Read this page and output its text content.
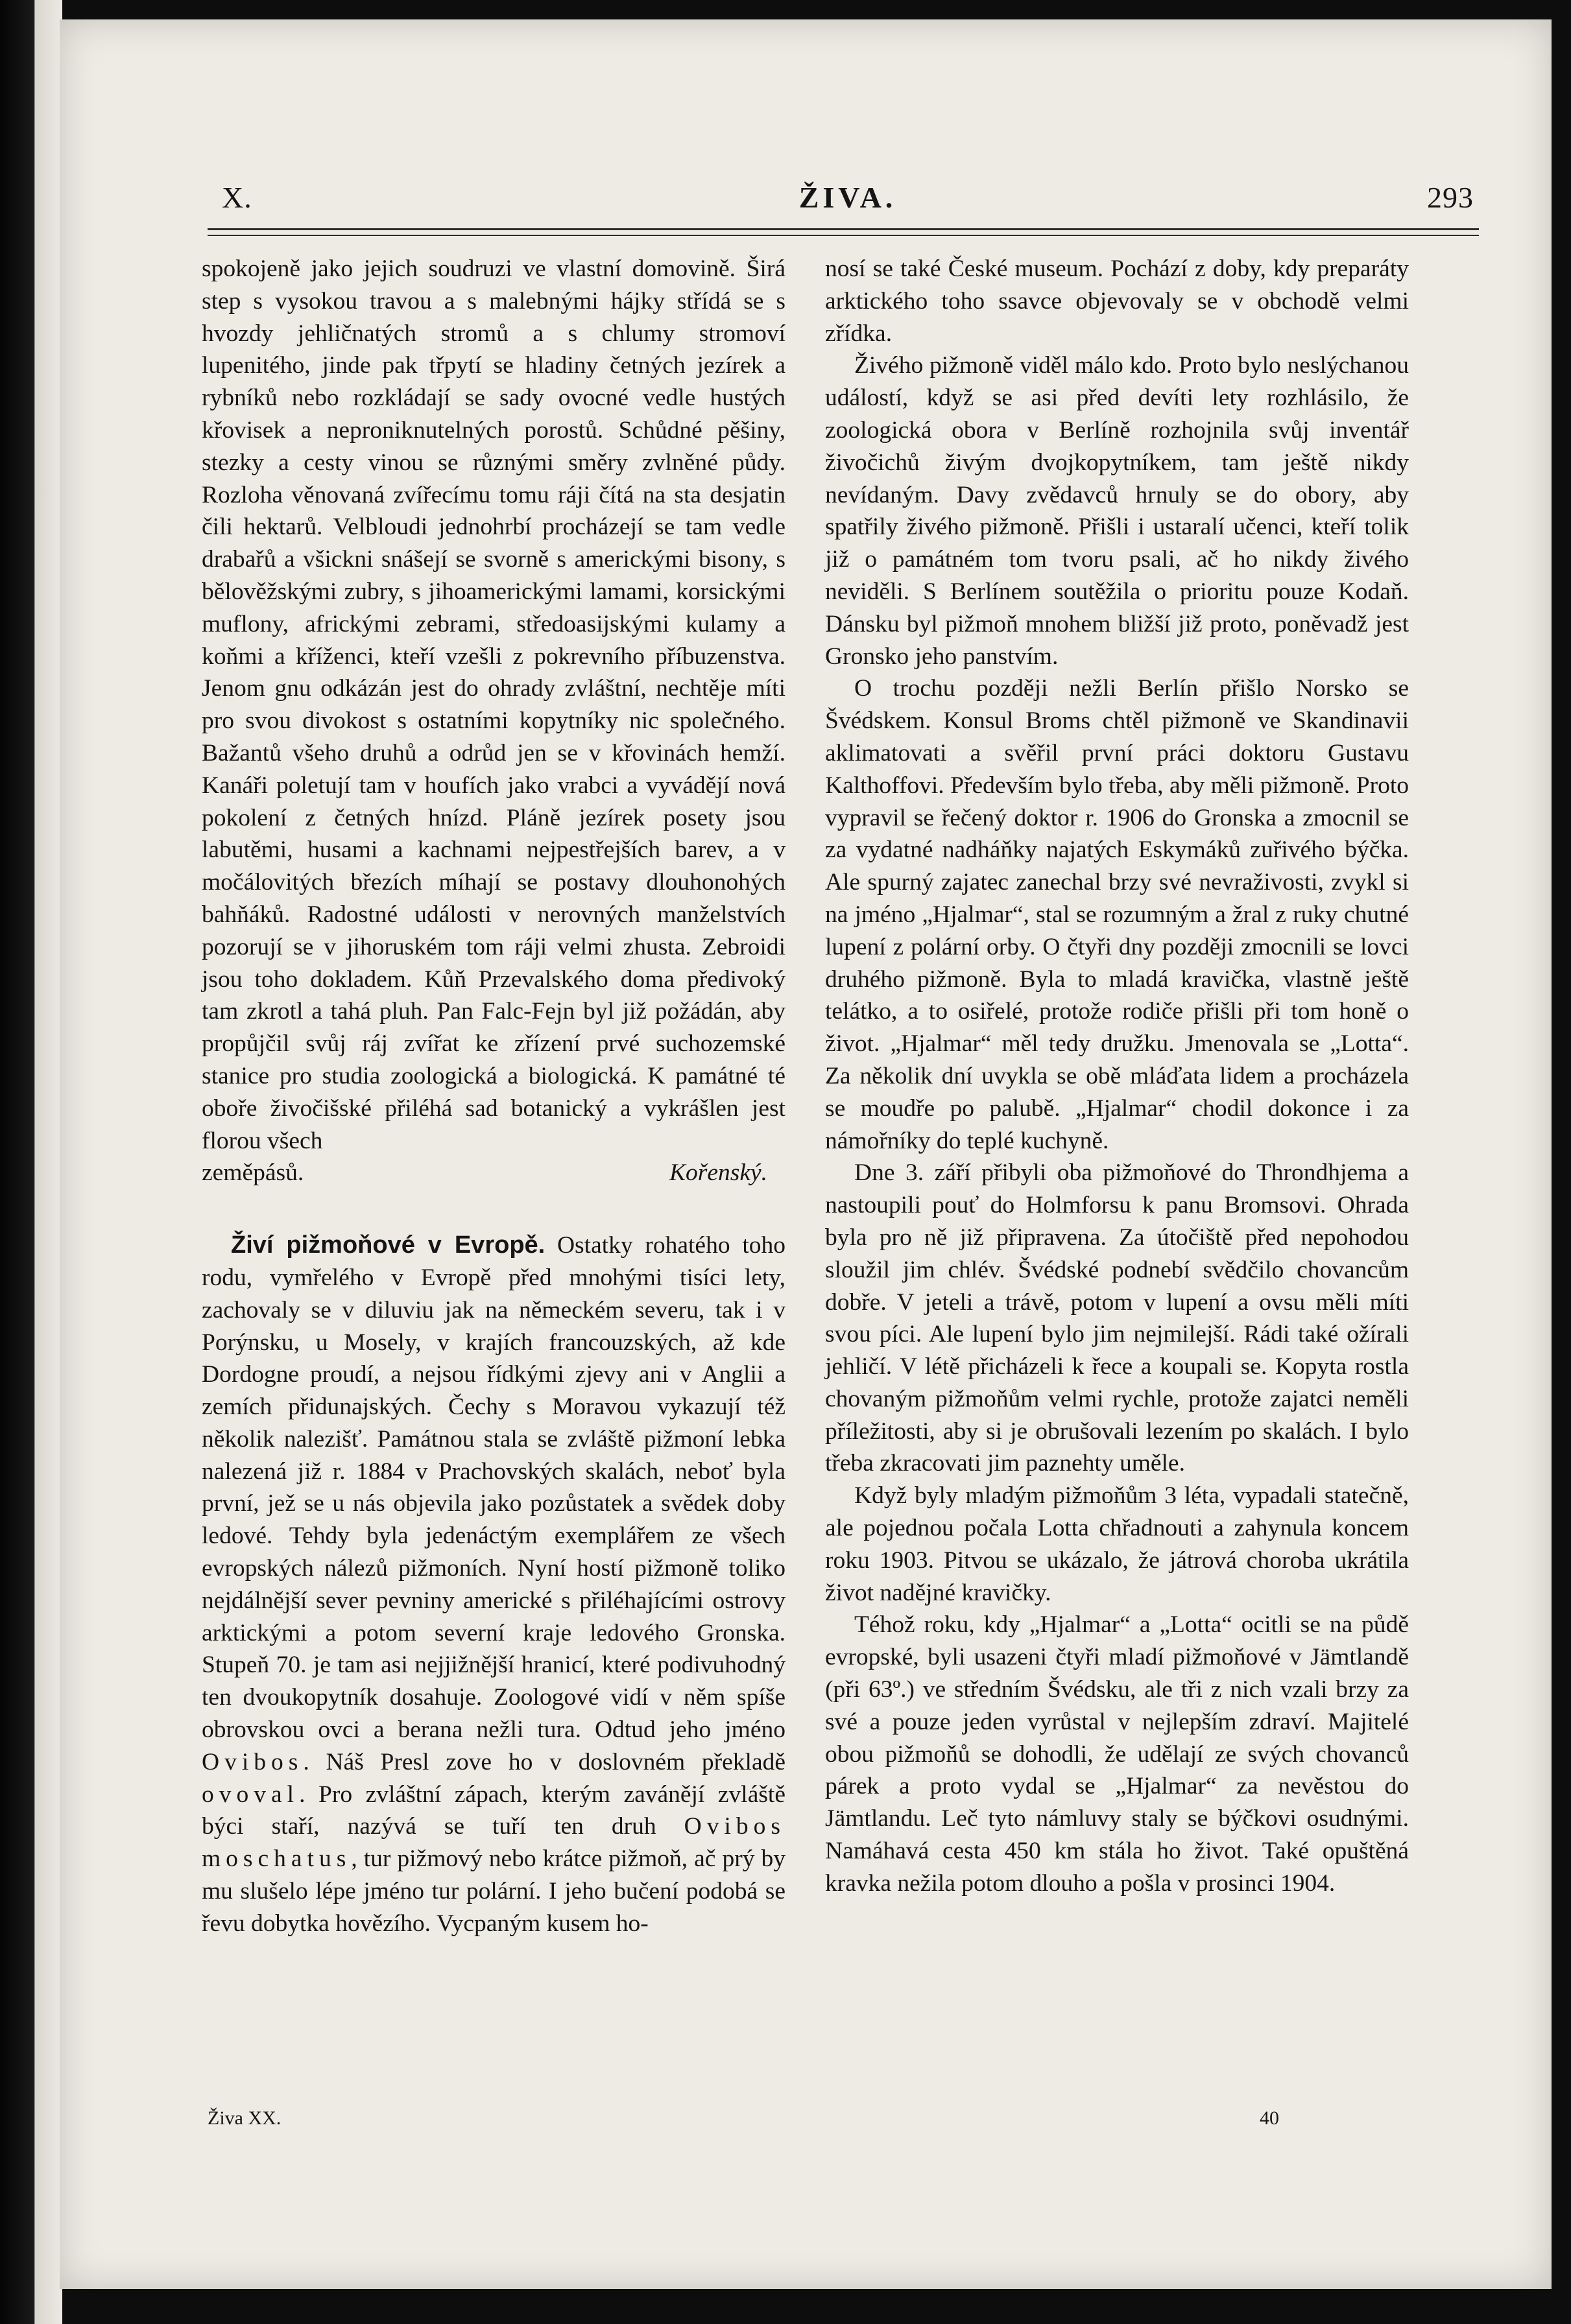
X.	ŽIVA.	293

spokojeně jako jejich soudruzi ve vlastní domovině. Širá step s vysokou travou a s malebnými hájky střídá se s hvozdy jehličnatých stromů a s chlumy stromoví lupenitého, jinde pak třpytí se hladiny četných jezírek a rybníků nebo rozkládají se sady ovocné vedle hustých křovisek a neproniknutelných porostů. Schůdné pěšiny, stezky a cesty vinou se různými směry zvlněné půdy. Rozloha věnovaná zvířecímu tomu ráji čítá na sta desjatin čili hektarů. Velbloudi jednohrbí procházejí se tam vedle drabařů a všickni snášejí se svorně s americkými bisony, s bělověžskými zubry, s jihoamerickými lamami, korsickými muflony, africkými zebrami, středoasijskými kulamy a koňmi a kříženci, kteří vzešli z pokrevního příbuzenstva. Jenom gnu odkázán jest do ohrady zvláštní, nechtěje míti pro svou divokost s ostatními kopytníky nic společného. Bažantů všeho druhů a odrůd jen se v křovinách hemží. Kanáři poletují tam v houfích jako vrabci a vyvádějí nová pokolení z četných hnízd. Pláně jezírek posety jsou labutěmi, husami a kachnami nejpestřejších barev, a v močálovitých březích míhají se postavy dlouhonohých bahňáků. Radostné události v nerovných manželstvích pozorují se v jihoruském tom ráji velmi zhusta. Zebroidi jsou toho dokladem. Kůň Przevalského doma předivoký tam zkrotl a tahá pluh. Pan Falc-Fejn byl již požádán, aby propůjčil svůj ráj zvířat ke zřízení prvé suchozemské stanice pro studia zoologická a biologická. K památné té oboře živočišské přiléhá sad botanický a vykrášlen jest florou všech

zeměpásů.	Kořenský.

Živí pižmoňové v Evropě. Ostatky rohatého toho rodu, vymřelého v Evropě před mnohými tisíci lety, zachovaly se v diluviu jak na německém severu, tak i v Porýnsku, u Mosely, v krajích francouzských, až kde Dordogne proudí, a nejsou řídkými zjevy ani v Anglii a zemích přidunajských. Čechy s Moravou vykazují též několik nalezišť. Památnou stala se zvláště pižmoní lebka nalezená již r. 1884 v Prachovských skalách, neboť byla první, jež se u nás objevila jako pozůstatek a svědek doby ledové. Tehdy byla jedenáctým exemplářem ze všech evropských nálezů pižmoních. Nyní hostí pižmoně toliko nejdálnější sever pevniny americké s přiléhajícími ostrovy arktickými a potom severní kraje ledového Gronska. Stupeň 70. je tam asi nejjižnější hranicí, které podivuhodný ten dvoukopytník dosahuje. Zoologové vidí v něm spíše obrovskou ovci a berana nežli tura. Odtud jeho jméno Ovibos. Náš Presl zove ho v doslovném překladě ovoval. Pro zvláštní zápach, kterým zavánějí zvláště býci staří, nazývá se tuří ten druh Ovibos moschatus, tur pižmový nebo krátce pižmoň, ač prý by mu slušelo lépe jméno tur polární. I jeho bučení podobá se řevu dobytka hovězího. Vycpaným kusem ho-

nosí se také České museum. Pochází z doby, kdy preparáty arktického toho ssavce objevovaly se v obchodě velmi zřídka.

Živého pižmoně viděl málo kdo. Proto bylo neslýchanou událostí, když se asi před devíti lety rozhlásilo, že zoologická obora v Berlíně rozhojnila svůj inventář živočichů živým dvojkopytníkem, tam ještě nikdy nevídaným. Davy zvědavců hrnuly se do obory, aby spatřily živého pižmoně. Přišli i ustaralí učenci, kteří tolik již o památném tom tvoru psali, ač ho nikdy živého neviděli. S Berlínem soutěžila o prioritu pouze Kodaň. Dánsku byl pižmoň mnohem bližší již proto, poněvadž jest Gronsko jeho panstvím.

O trochu později nežli Berlín přišlo Norsko se Švédskem. Konsul Broms chtěl pižmoně ve Skandinavii aklimatovati a svěřil první práci doktoru Gustavu Kalthoffovi. Především bylo třeba, aby měli pižmoně. Proto vypravil se řečený doktor r. 1906 do Gronska a zmocnil se za vydatné nadháňky najatých Eskymáků zuřivého býčka. Ale spurný zajatec zanechal brzy své nevraživosti, zvykl si na jméno „Hjalmar“, stal se rozumným a žral z ruky chutné lupení z polární orby. O čtyři dny později zmocnili se lovci druhého pižmoně. Byla to mladá kravička, vlastně ještě telátko, a to osiřelé, protože rodiče přišli při tom honě o život. „Hjalmar“ měl tedy družku. Jmenovala se „Lotta“. Za několik dní uvykla se obě mláďata lidem a procházela se moudře po palubě. „Hjalmar“ chodil dokonce i za námořníky do teplé kuchyně.

Dne 3. září přibyli oba pižmoňové do Throndhjema a nastoupili pouť do Holmforsu k panu Bromsovi. Ohrada byla pro ně již připravena. Za útočiště před nepohodou sloužil jim chlév. Švédské podnebí svědčilo chovancům dobře. V jeteli a trávě, potom v lupení a ovsu měli míti svou píci. Ale lupení bylo jim nejmilejší. Rádi také ožírali jehličí. V létě přicházeli k řece a koupali se. Kopyta rostla chovaným pižmoňům velmi rychle, protože zajatci neměli příležitosti, aby si je obrušovali lezením po skalách. I bylo třeba zkracovati jim paznehty uměle.

Když byly mladým pižmoňům 3 léta, vypadali statečně, ale pojednou počala Lotta chřadnouti a zahynula koncem roku 1903. Pitvou se ukázalo, že játrová choroba ukrátila život nadějné kravičky.

Téhož roku, kdy „Hjalmar“ a „Lotta“ ocitli se na půdě evropské, byli usazeni čtyři mladí pižmoňové v Jämtlandě (při 63º.) ve středním Švédsku, ale tři z nich vzali brzy za své a pouze jeden vyrůstal v nejlepším zdraví. Majitelé obou pižmoňů se dohodli, že udělají ze svých chovanců párek a proto vydal se „Hjalmar“ za nevěstou do Jämtlandu. Leč tyto námluvy staly se býčkovi osudnými. Namáhavá cesta 450 km stála ho život. Také opuštěná kravka nežila potom dlouho a pošla v prosinci 1904.

Živa XX.	40
